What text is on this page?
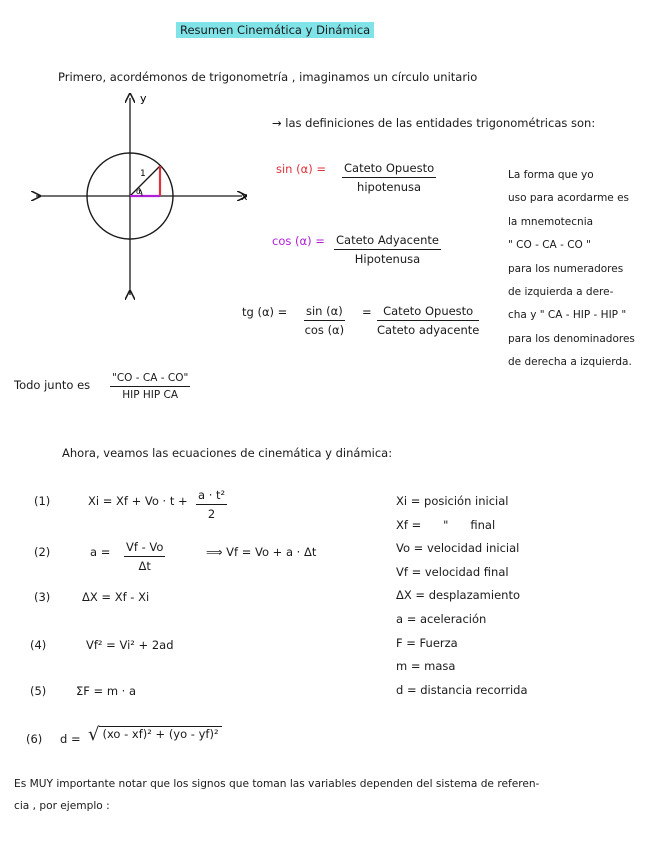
Resumen Cinemática y Dinámica
Primero, acordémonos de trigonometría , imaginamos un círculo unitario
y
x
1
α
→ las definiciones de las entidades trigonométricas son:
sin (α) = Cateto Opuesto
hipotenusa
cos (α) = Cateto Adyacente
Hipotenusa
tg $(\alpha) = \frac{\sin (\alpha)}{\cos (\alpha)}$ = Cateto Opuesto
Cateto adyacente
La forma que yo
uso para acordarme es
la mnemotecnia
" CO - CA - CO "
para los numeradores
de izquierda a dere-
cha y " CA - HIP - HIP "
para los denominadores
de derecha a izquierda.
Todo junto es "CO - CA - CO"
HIP HIP CA
Ahora, veamos las ecuaciones de cinemática y dinámica:
(1)	$Xi = Xf + Vo \cdot t + \frac{\text{a · t²}}{2}$
(2)	$a = \frac{Vf - Vo}{\Delta t}$	⟹ Vf = Vo + a · Δt
(3)	ΔX = Xf - Xi
(4)	Vf² = Vi² + 2ad
(5)	ΣF = m · a
(6) d = √ (xo - xf)² + (yo - yf)²
Xi = posición inicial
Xf =      "      final
Vo = velocidad inicial
Vf = velocidad final
ΔX = desplazamiento
a = aceleración
F = Fuerza
m = masa
d = distancia recorrida
Es MUY importante notar que los signos que toman las variables dependen del sistema de referen-
cia , por ejemplo :
